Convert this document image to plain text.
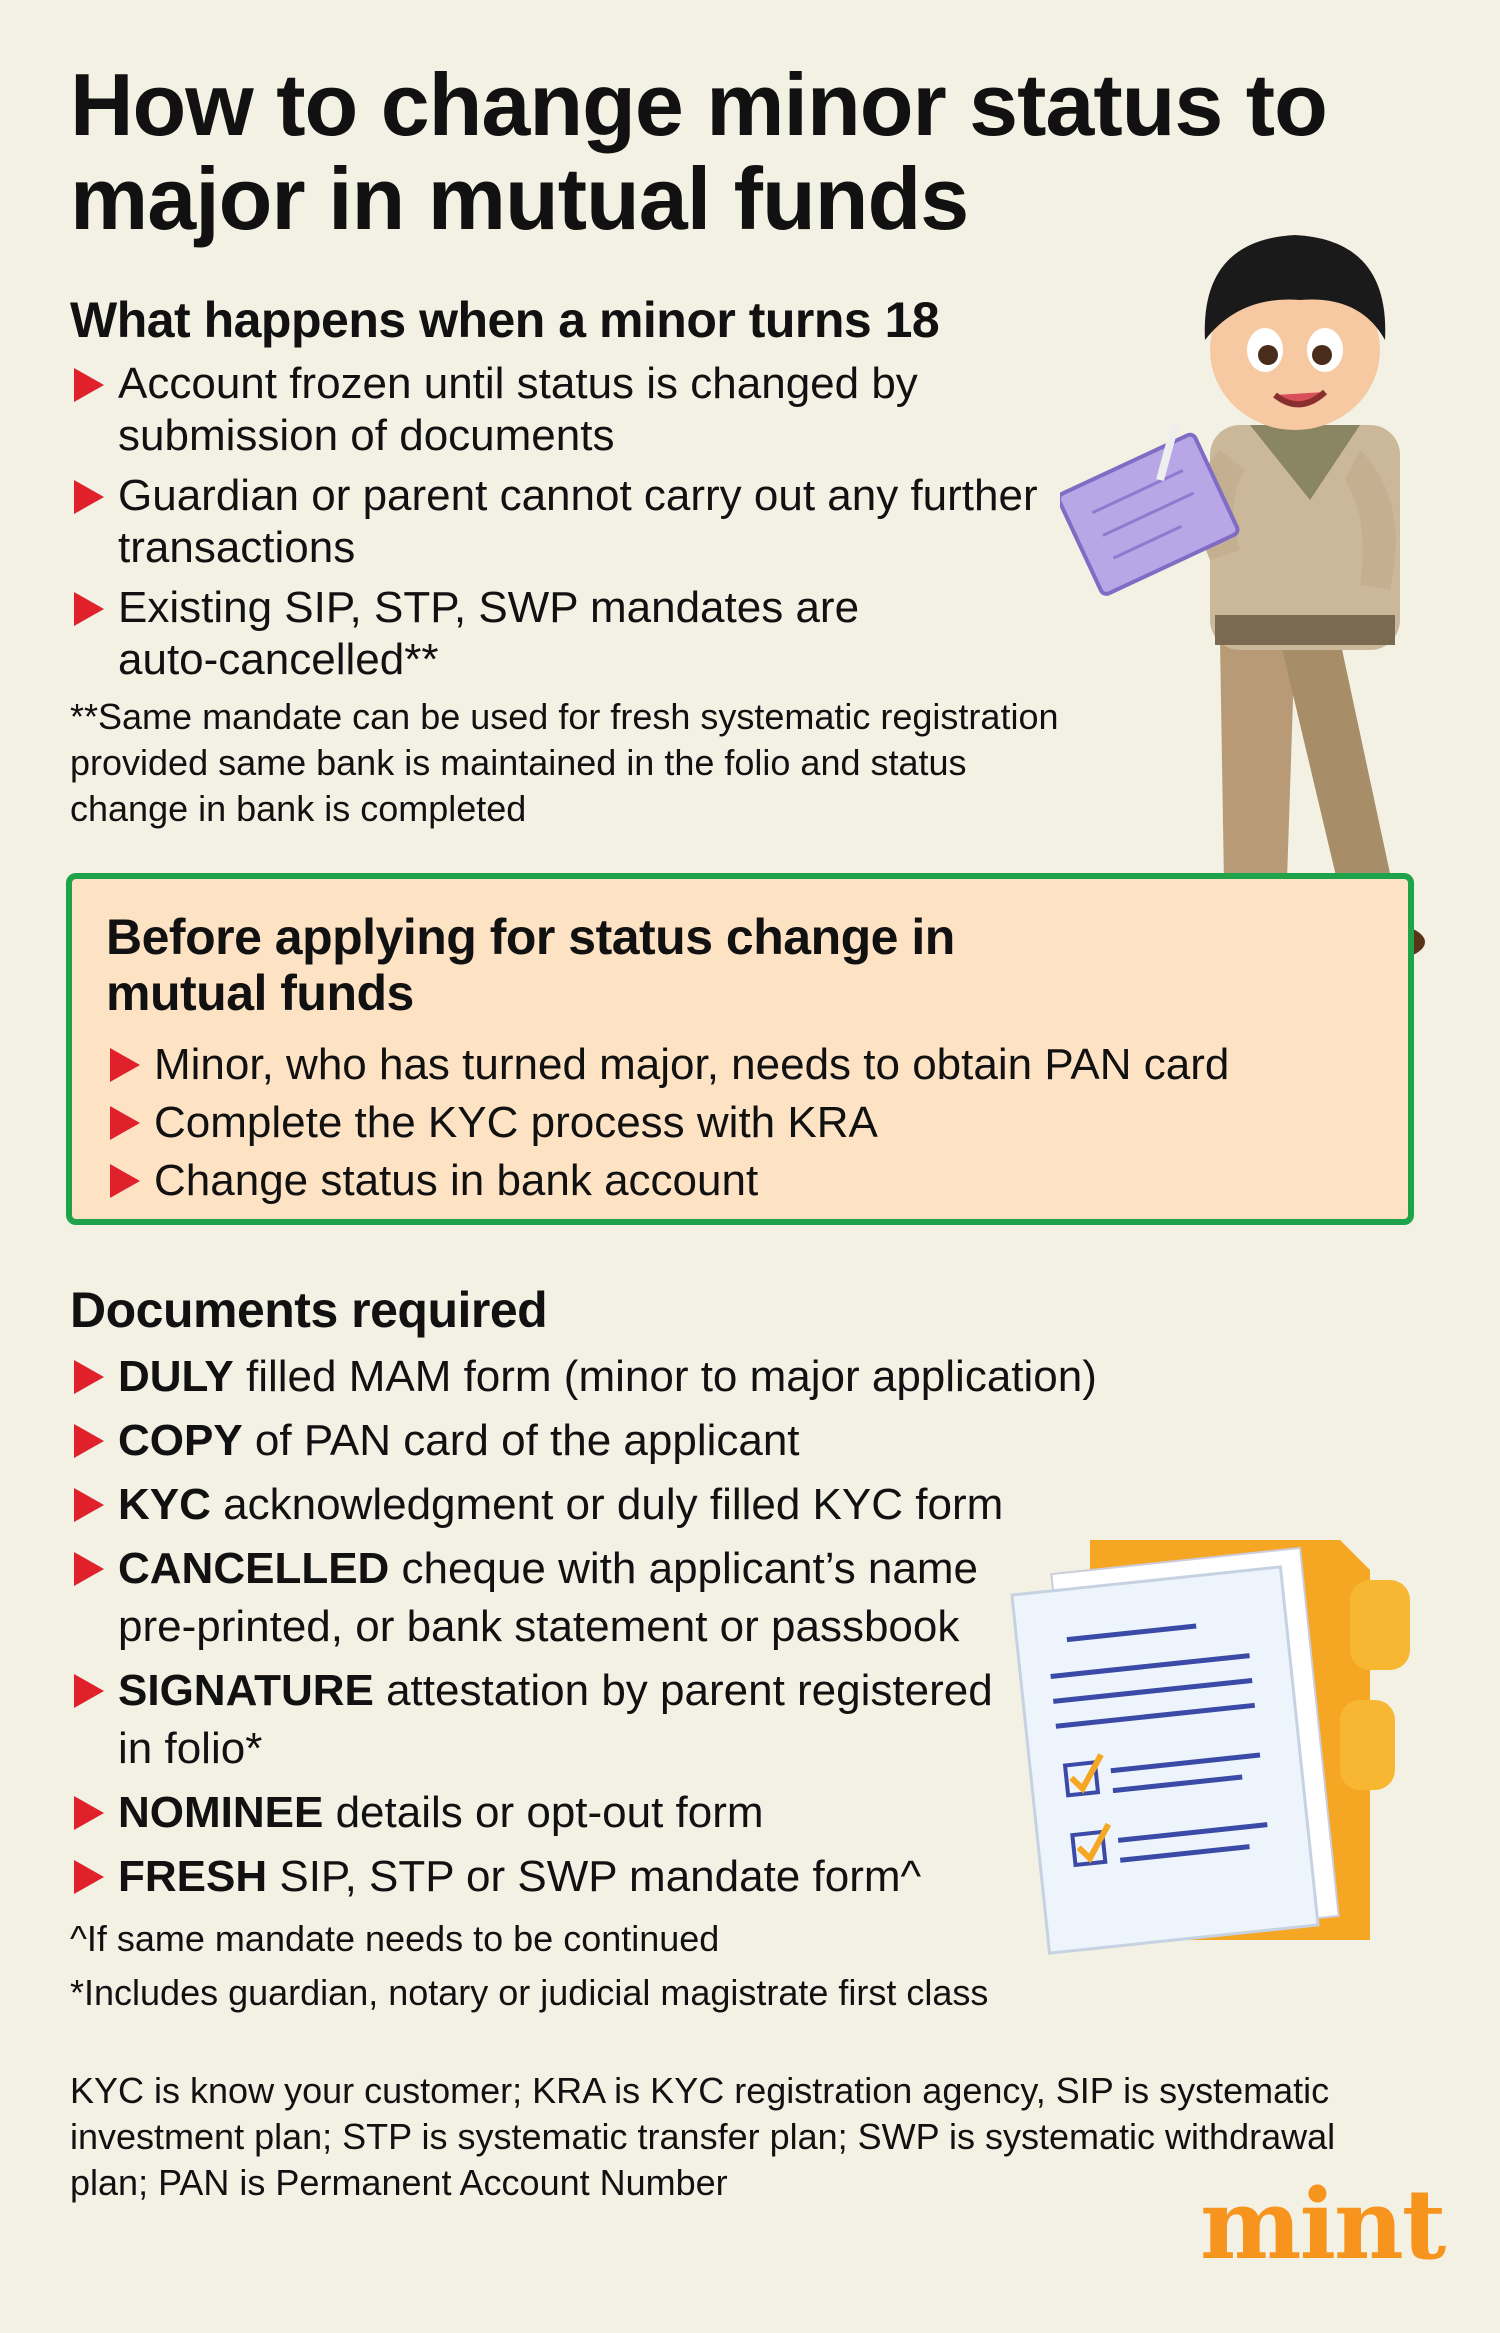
How to change minor status to major in mutual funds
What happens when a minor turns 18
Account frozen until status is changed by submission of documents
Guardian or parent cannot carry out any further transactions
Existing SIP, STP, SWP mandates are auto-cancelled**
**Same mandate can be used for fresh systematic registration provided same bank is maintained in the folio and status change in bank is completed
Before applying for status change in mutual funds
Minor, who has turned major, needs to obtain PAN card
Complete the KYC process with KRA
Change status in bank account
Documents required
DULY filled MAM form (minor to major application)
COPY of PAN card of the applicant
KYC acknowledgment or duly filled KYC form
CANCELLED cheque with applicant’s name pre-printed, or bank statement or passbook
SIGNATURE attestation by parent registered in folio*
NOMINEE details or opt-out form
FRESH SIP, STP or SWP mandate form^
^If same mandate needs to be continued
*Includes guardian, notary or judicial magistrate first class
KYC is know your customer; KRA is KYC registration agency, SIP is systematic investment plan; STP is systematic transfer plan; SWP is systematic withdrawal plan; PAN is Permanent Account Number	mint
